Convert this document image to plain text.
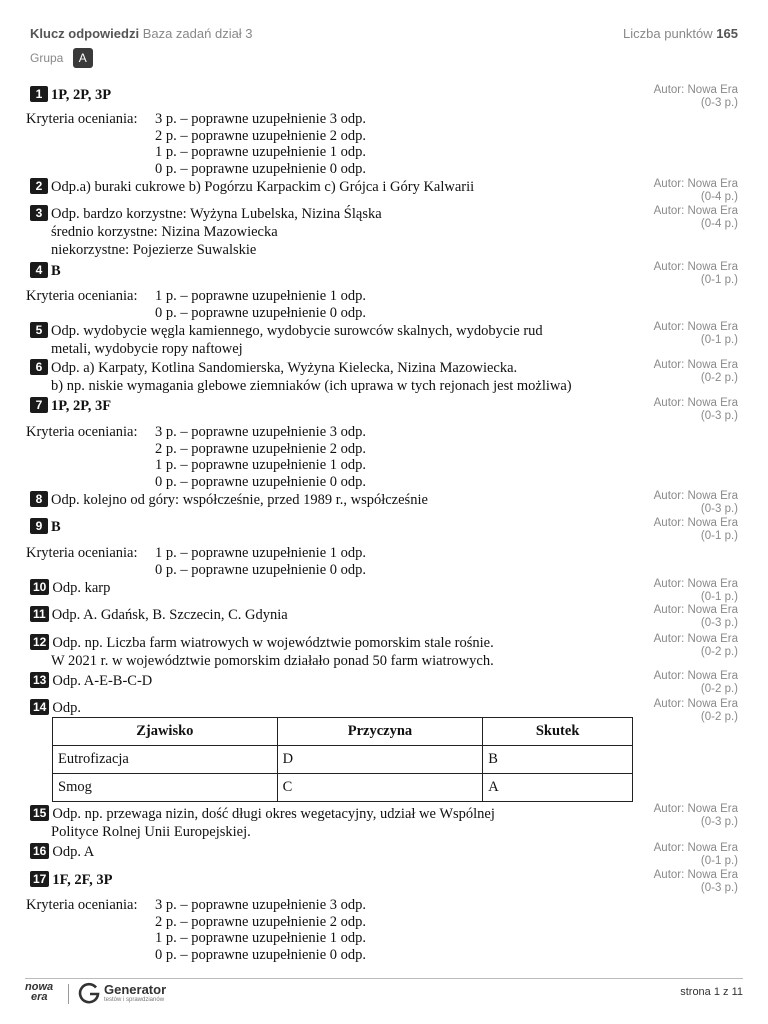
Klucz odpowiedzi Baza zadań dział 3	Liczba punktów 165
Grupa A
1 1P, 2P, 3P	Autor: Nowa Era
(0-3 p.)
Kryteria oceniania: 3 p. – poprawne uzupełnienie 3 odp.
2 p. – poprawne uzupełnienie 2 odp.
1 p. – poprawne uzupełnienie 1 odp.
0 p. – poprawne uzupełnienie 0 odp.
2 Odp.a) buraki cukrowe b) Pogórzu Karpackim c) Grójca i Góry Kalwarii	Autor: Nowa Era
(0-4 p.)
3 Odp. bardzo korzystne: Wyżyna Lubelska, Nizina Śląska
średnio korzystne: Nizina Mazowiecka
niekorzystne: Pojezierze Suwalskie
Autor: Nowa Era
(0-4 p.)
4 B	Autor: Nowa Era
(0-1 p.)
Kryteria oceniania: 1 p. – poprawne uzupełnienie 1 odp.
0 p. – poprawne uzupełnienie 0 odp.
5 Odp. wydobycie węgla kamiennego, wydobycie surowców skalnych, wydobycie rud
metali, wydobycie ropy naftowej
Autor: Nowa Era
(0-1 p.)
6 Odp. a) Karpaty, Kotlina Sandomierska, Wyżyna Kielecka, Nizina Mazowiecka.
b) np. niskie wymagania glebowe ziemniaków (ich uprawa w tych rejonach jest możliwa)
Autor: Nowa Era
(0-2 p.)
7 1P, 2P, 3F	Autor: Nowa Era
(0-3 p.)
Kryteria oceniania: 3 p. – poprawne uzupełnienie 3 odp.
2 p. – poprawne uzupełnienie 2 odp.
1 p. – poprawne uzupełnienie 1 odp.
0 p. – poprawne uzupełnienie 0 odp.
8 Odp. kolejno od góry: współcześnie, przed 1989 r., współcześnie	Autor: Nowa Era
(0-3 p.)
9 B	Autor: Nowa Era
(0-1 p.)
Kryteria oceniania: 1 p. – poprawne uzupełnienie 1 odp.
0 p. – poprawne uzupełnienie 0 odp.
10 Odp. karp	Autor: Nowa Era
(0-1 p.)
11 Odp. A. Gdańsk, B. Szczecin, C. Gdynia	Autor: Nowa Era
(0-3 p.)
12 Odp. np. Liczba farm wiatrowych w województwie pomorskim stale rośnie.
W 2021 r. w województwie pomorskim działało ponad 50 farm wiatrowych.
Autor: Nowa Era
(0-2 p.)
13 Odp. A-E-B-C-D	Autor: Nowa Era
(0-2 p.)
14 Odp.	Autor: Nowa Era
(0-2 p.)
Zjawisko	Przyczyna	Skutek
Eutrofizacja	D	B
Smog	C	A
15 Odp. np. przewaga nizin, dość długi okres wegetacyjny, udział we Wspólnej
Polityce Rolnej Unii Europejskiej.
Autor: Nowa Era
(0-3 p.)
16 Odp. A	Autor: Nowa Era
(0-1 p.)
17 1F, 2F, 3P	Autor: Nowa Era
(0-3 p.)
Kryteria oceniania: 3 p. – poprawne uzupełnienie 3 odp.
2 p. – poprawne uzupełnienie 2 odp.
1 p. – poprawne uzupełnienie 1 odp.
0 p. – poprawne uzupełnienie 0 odp.
nowa
era	Generator
testów i sprawdzianów
strona 1 z 11
